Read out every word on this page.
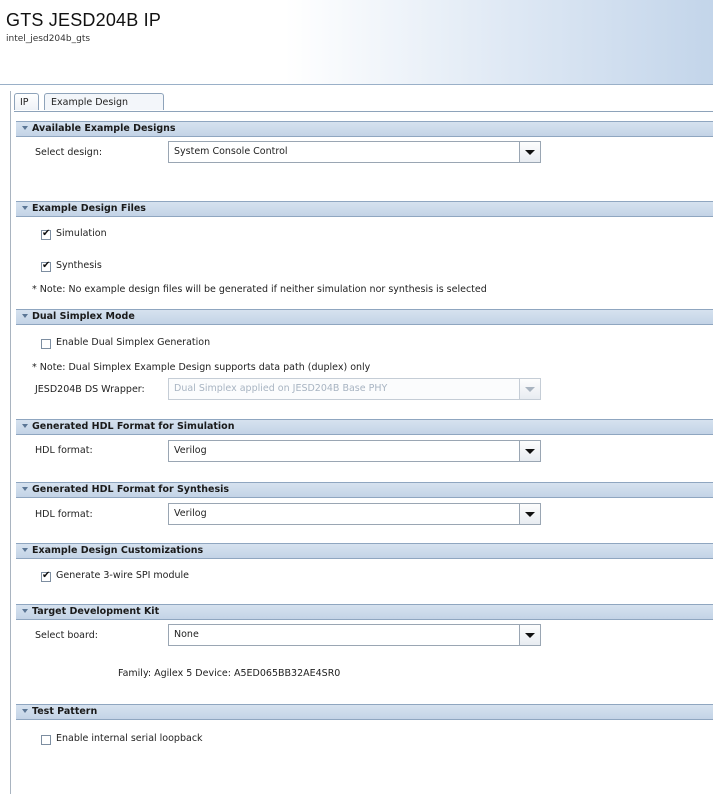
GTS JESD204B IP
intel_jesd204b_gts
IP	Example Design
Available Example Designs
Select design:	System Console Control
Example Design Files
✔
Simulation
✔
Synthesis
* Note: No example design files will be generated if neither simulation nor synthesis is selected
Dual Simplex Mode
Enable Dual Simplex Generation
* Note: Dual Simplex Example Design supports data path (duplex) only
JESD204B DS Wrapper:	Dual Simplex applied on JESD204B Base PHY
Generated HDL Format for Simulation
HDL format:	Verilog
Generated HDL Format for Synthesis
HDL format:	Verilog
Example Design Customizations
✔
Generate 3-wire SPI module
Target Development Kit
Select board:	None
Family: Agilex 5 Device: A5ED065BB32AE4SR0
Test Pattern
Enable internal serial loopback
